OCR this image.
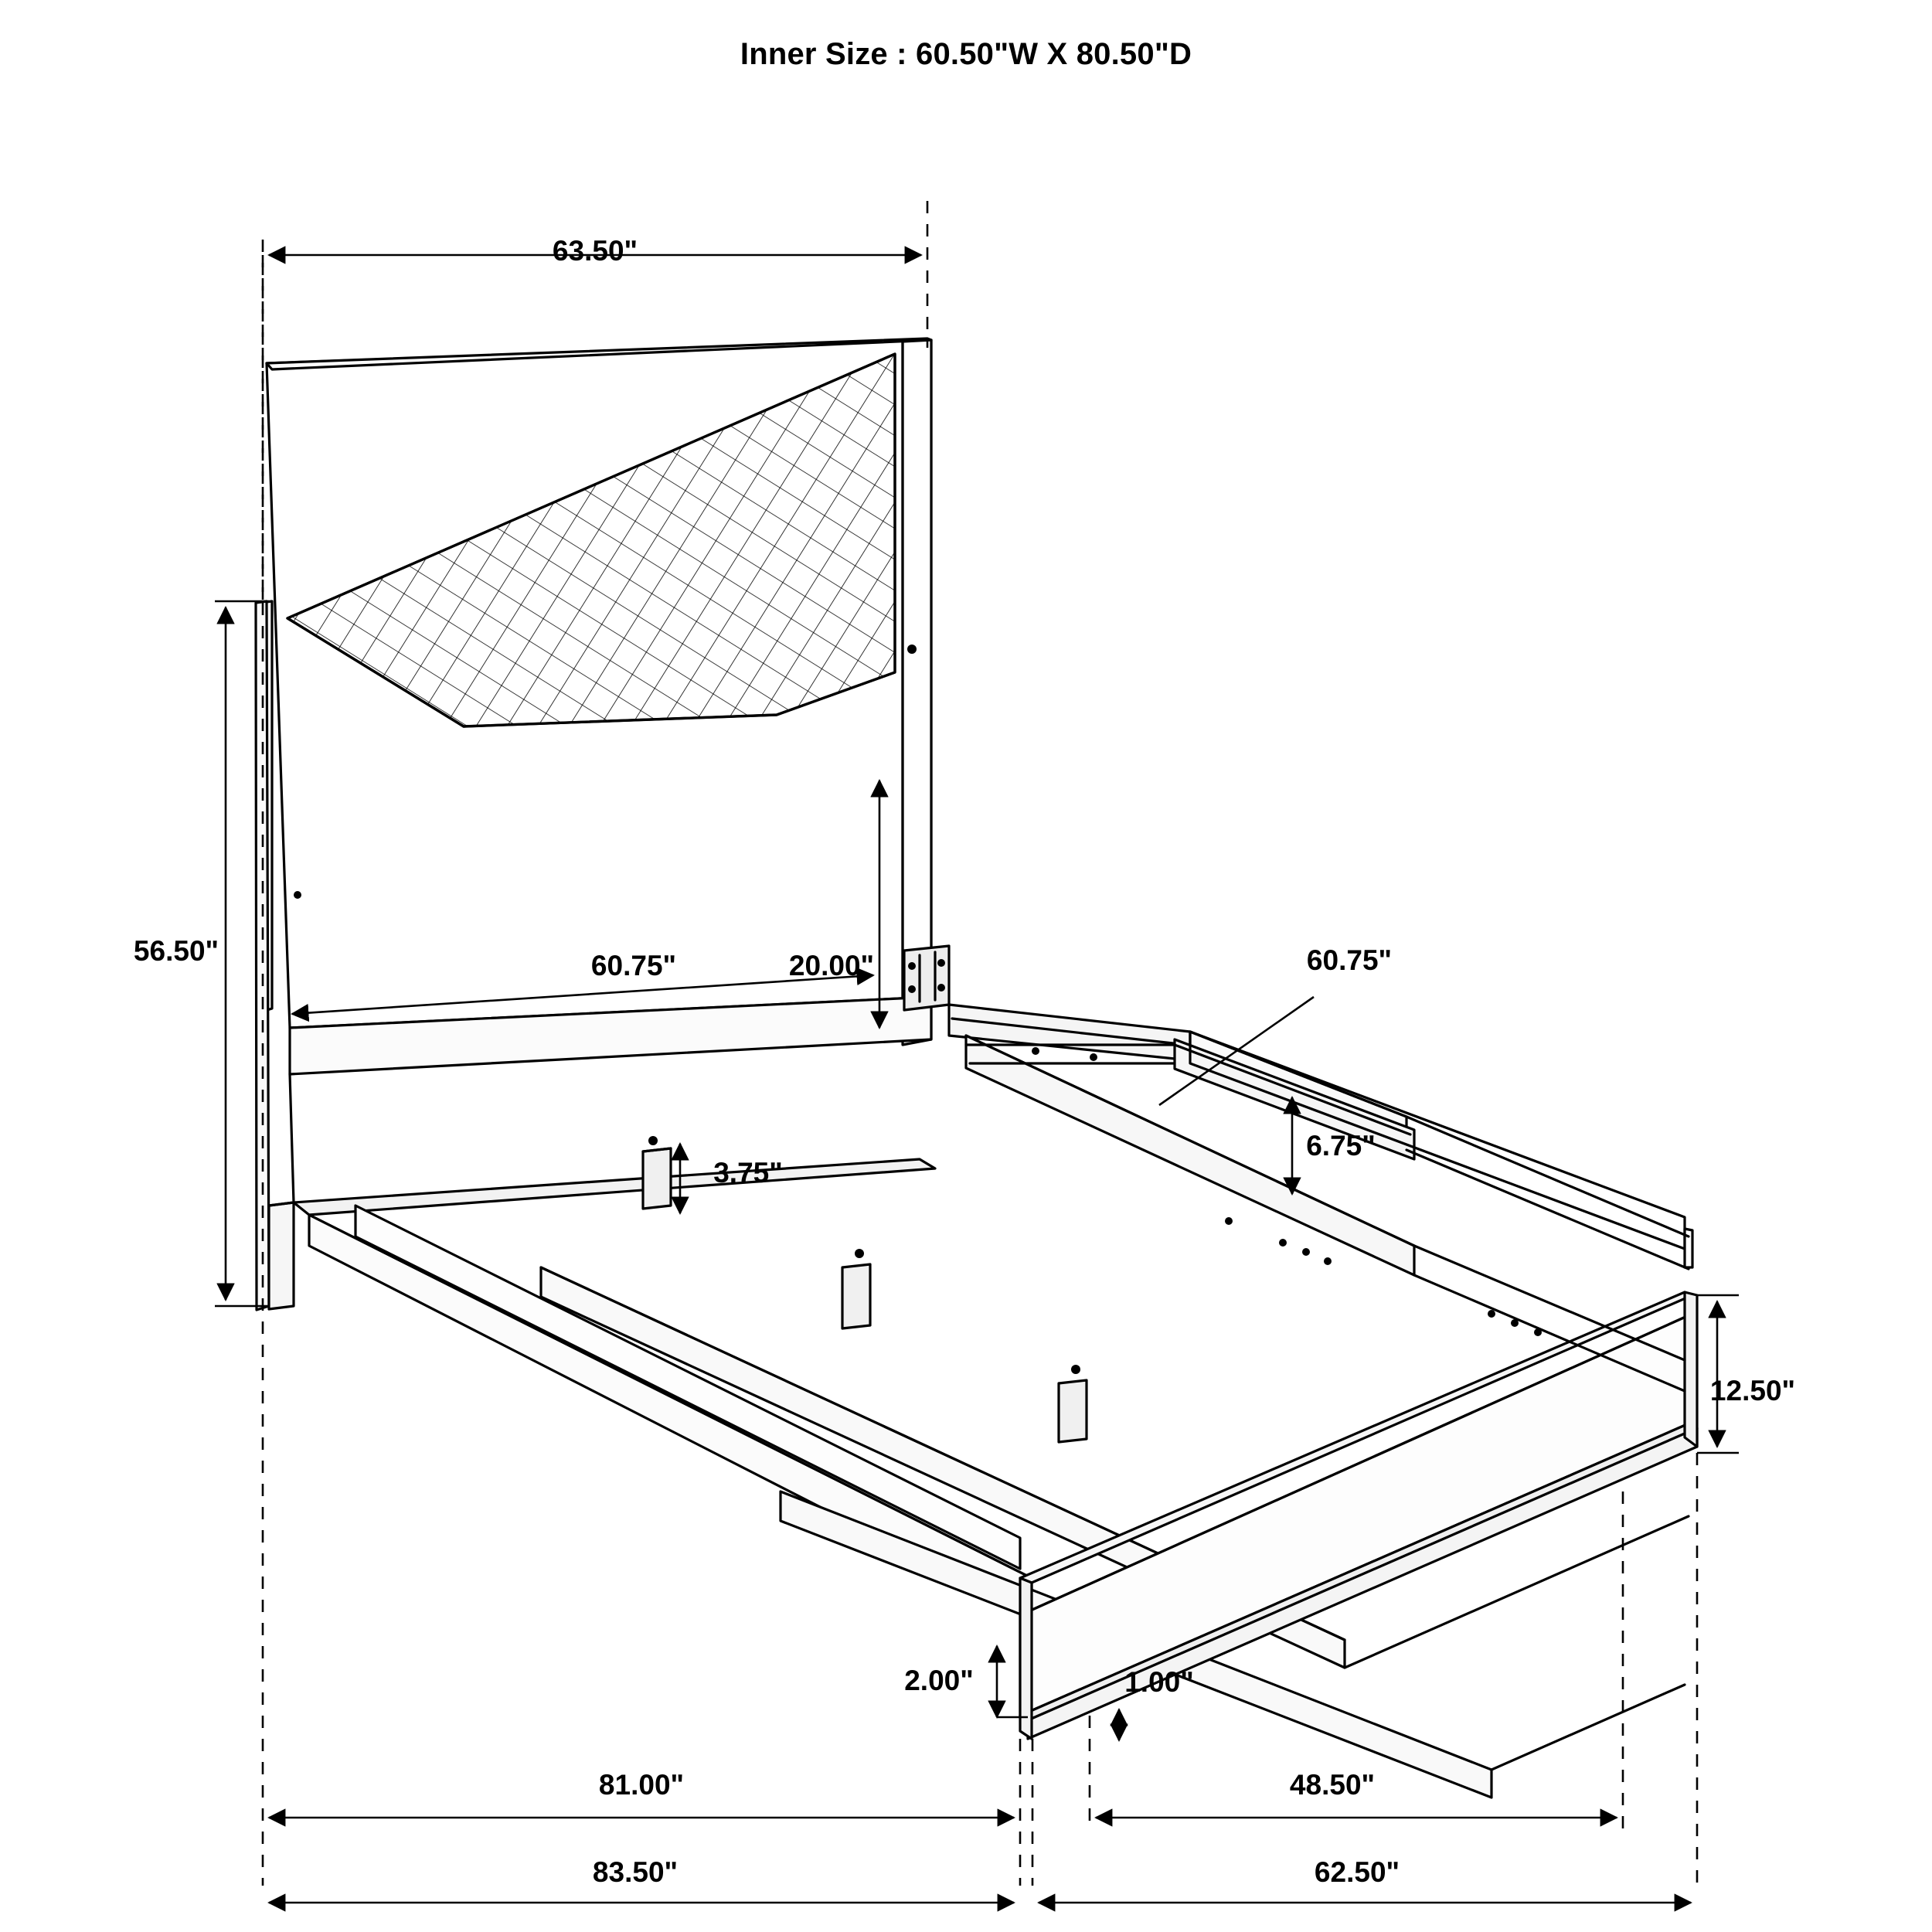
Inner Size : 60.50"W X 80.50"D
63.50"
56.50"	60.75"	20.00"
3.75"
60.75"
6.75"
12.50"
2.00"	1.00"
81.00"	48.50"
83.50"	62.50"
